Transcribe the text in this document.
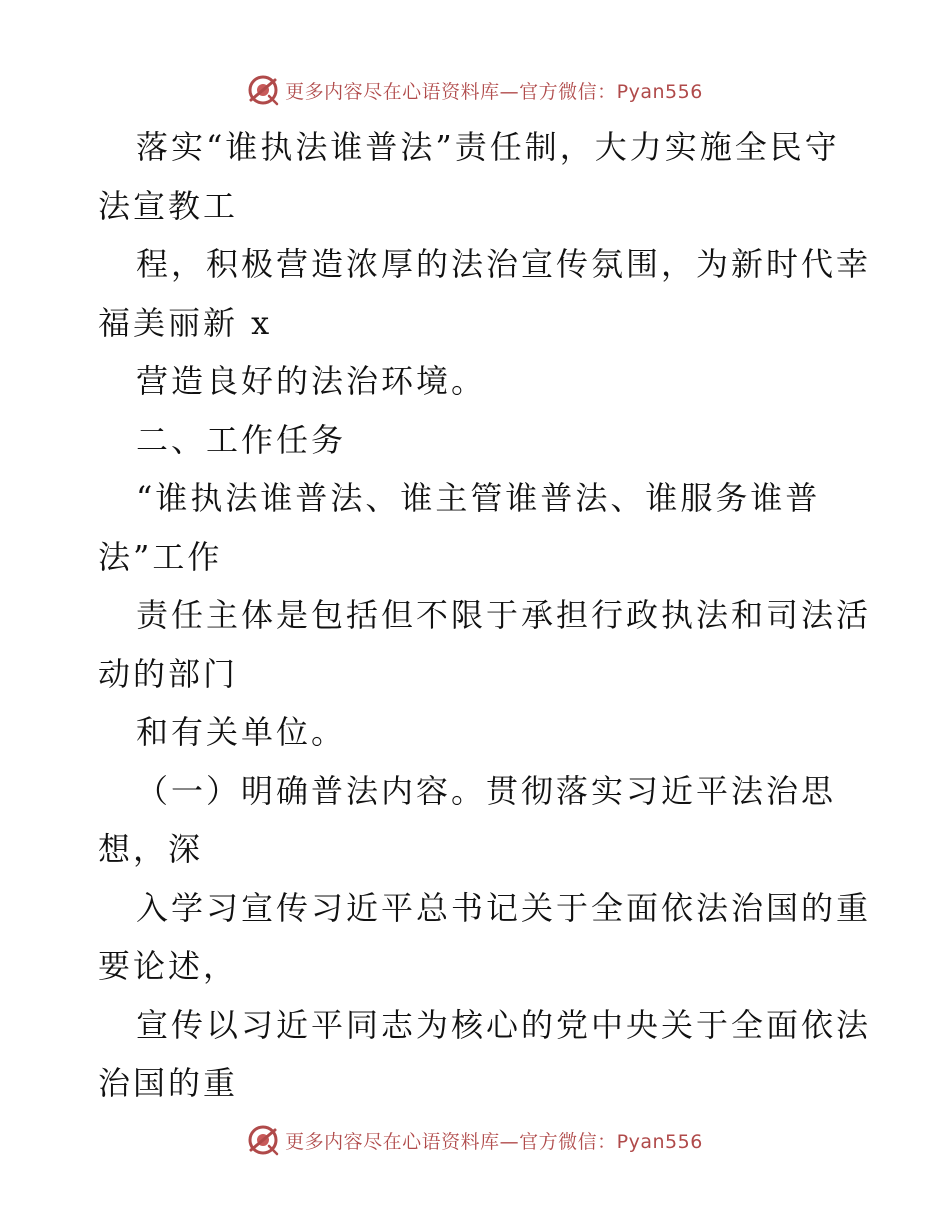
更多内容尽在心语资料库—官方微信：Pyan556
落实“谁执法谁普法”责任制，大力实施全民守
法宣教工
程，积极营造浓厚的法治宣传氛围，为新时代幸
福美丽新 x
营造良好的法治环境。
二、工作任务
“谁执法谁普法、谁主管谁普法、谁服务谁普
法”工作
责任主体是包括但不限于承担行政执法和司法活
动的部门
和有关单位。
（一）明确普法内容。贯彻落实习近平法治思
想，深
入学习宣传习近平总书记关于全面依法治国的重
要论述，
宣传以习近平同志为核心的党中央关于全面依法
治国的重
更多内容尽在心语资料库—官方微信：Pyan556
